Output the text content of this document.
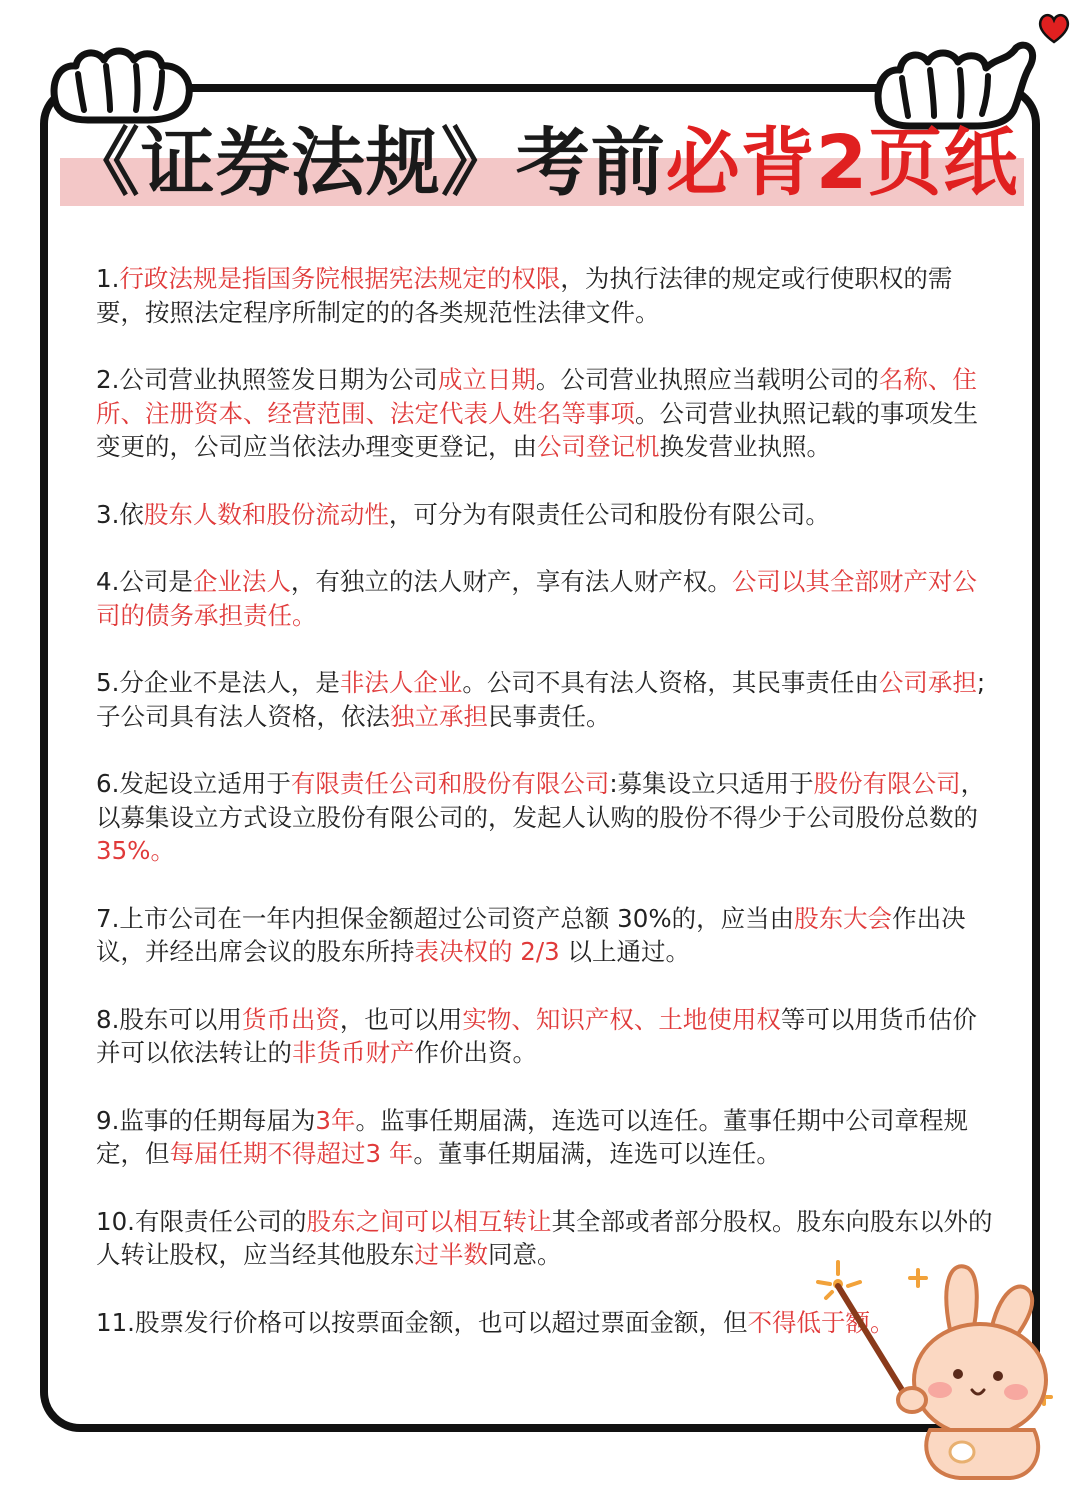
《证券法规》考前必背2页纸

1.行政法规是指国务院根据宪法规定的权限，为执行法律的规定或行使职权的需要，按照法定程序所制定的的各类规范性法律文件。

2.公司营业执照签发日期为公司成立日期。公司营业执照应当载明公司的名称、住所、注册资本、经营范围、法定代表人姓名等事项。公司营业执照记载的事项发生变更的，公司应当依法办理变更登记，由公司登记机换发营业执照。

3.依股东人数和股份流动性，可分为有限责任公司和股份有限公司。

4.公司是企业法人，有独立的法人财产，享有法人财产权。公司以其全部财产对公司的债务承担责任。

5.分企业不是法人，是非法人企业。公司不具有法人资格，其民事责任由公司承担;子公司具有法人资格，依法独立承担民事责任。

6.发起设立适用于有限责任公司和股份有限公司:募集设立只适用于股份有限公司，以募集设立方式设立股份有限公司的，发起人认购的股份不得少于公司股份总数的35%。

7.上市公司在一年内担保金额超过公司资产总额 30%的，应当由股东大会作出决议，并经出席会议的股东所持表决权的 2/3 以上通过。

8.股东可以用货币出资，也可以用实物、知识产权、土地使用权等可以用货币估价并可以依法转让的非货币财产作价出资。

9.监事的任期每届为3年。监事任期届满，连选可以连任。董事任期中公司章程规定，但每届任期不得超过3 年。董事任期届满，连选可以连任。

10.有限责任公司的股东之间可以相互转让其全部或者部分股权。股东向股东以外的人转让股权，应当经其他股东过半数同意。

11.股票发行价格可以按票面金额，也可以超过票面金额，但不得低于额。
